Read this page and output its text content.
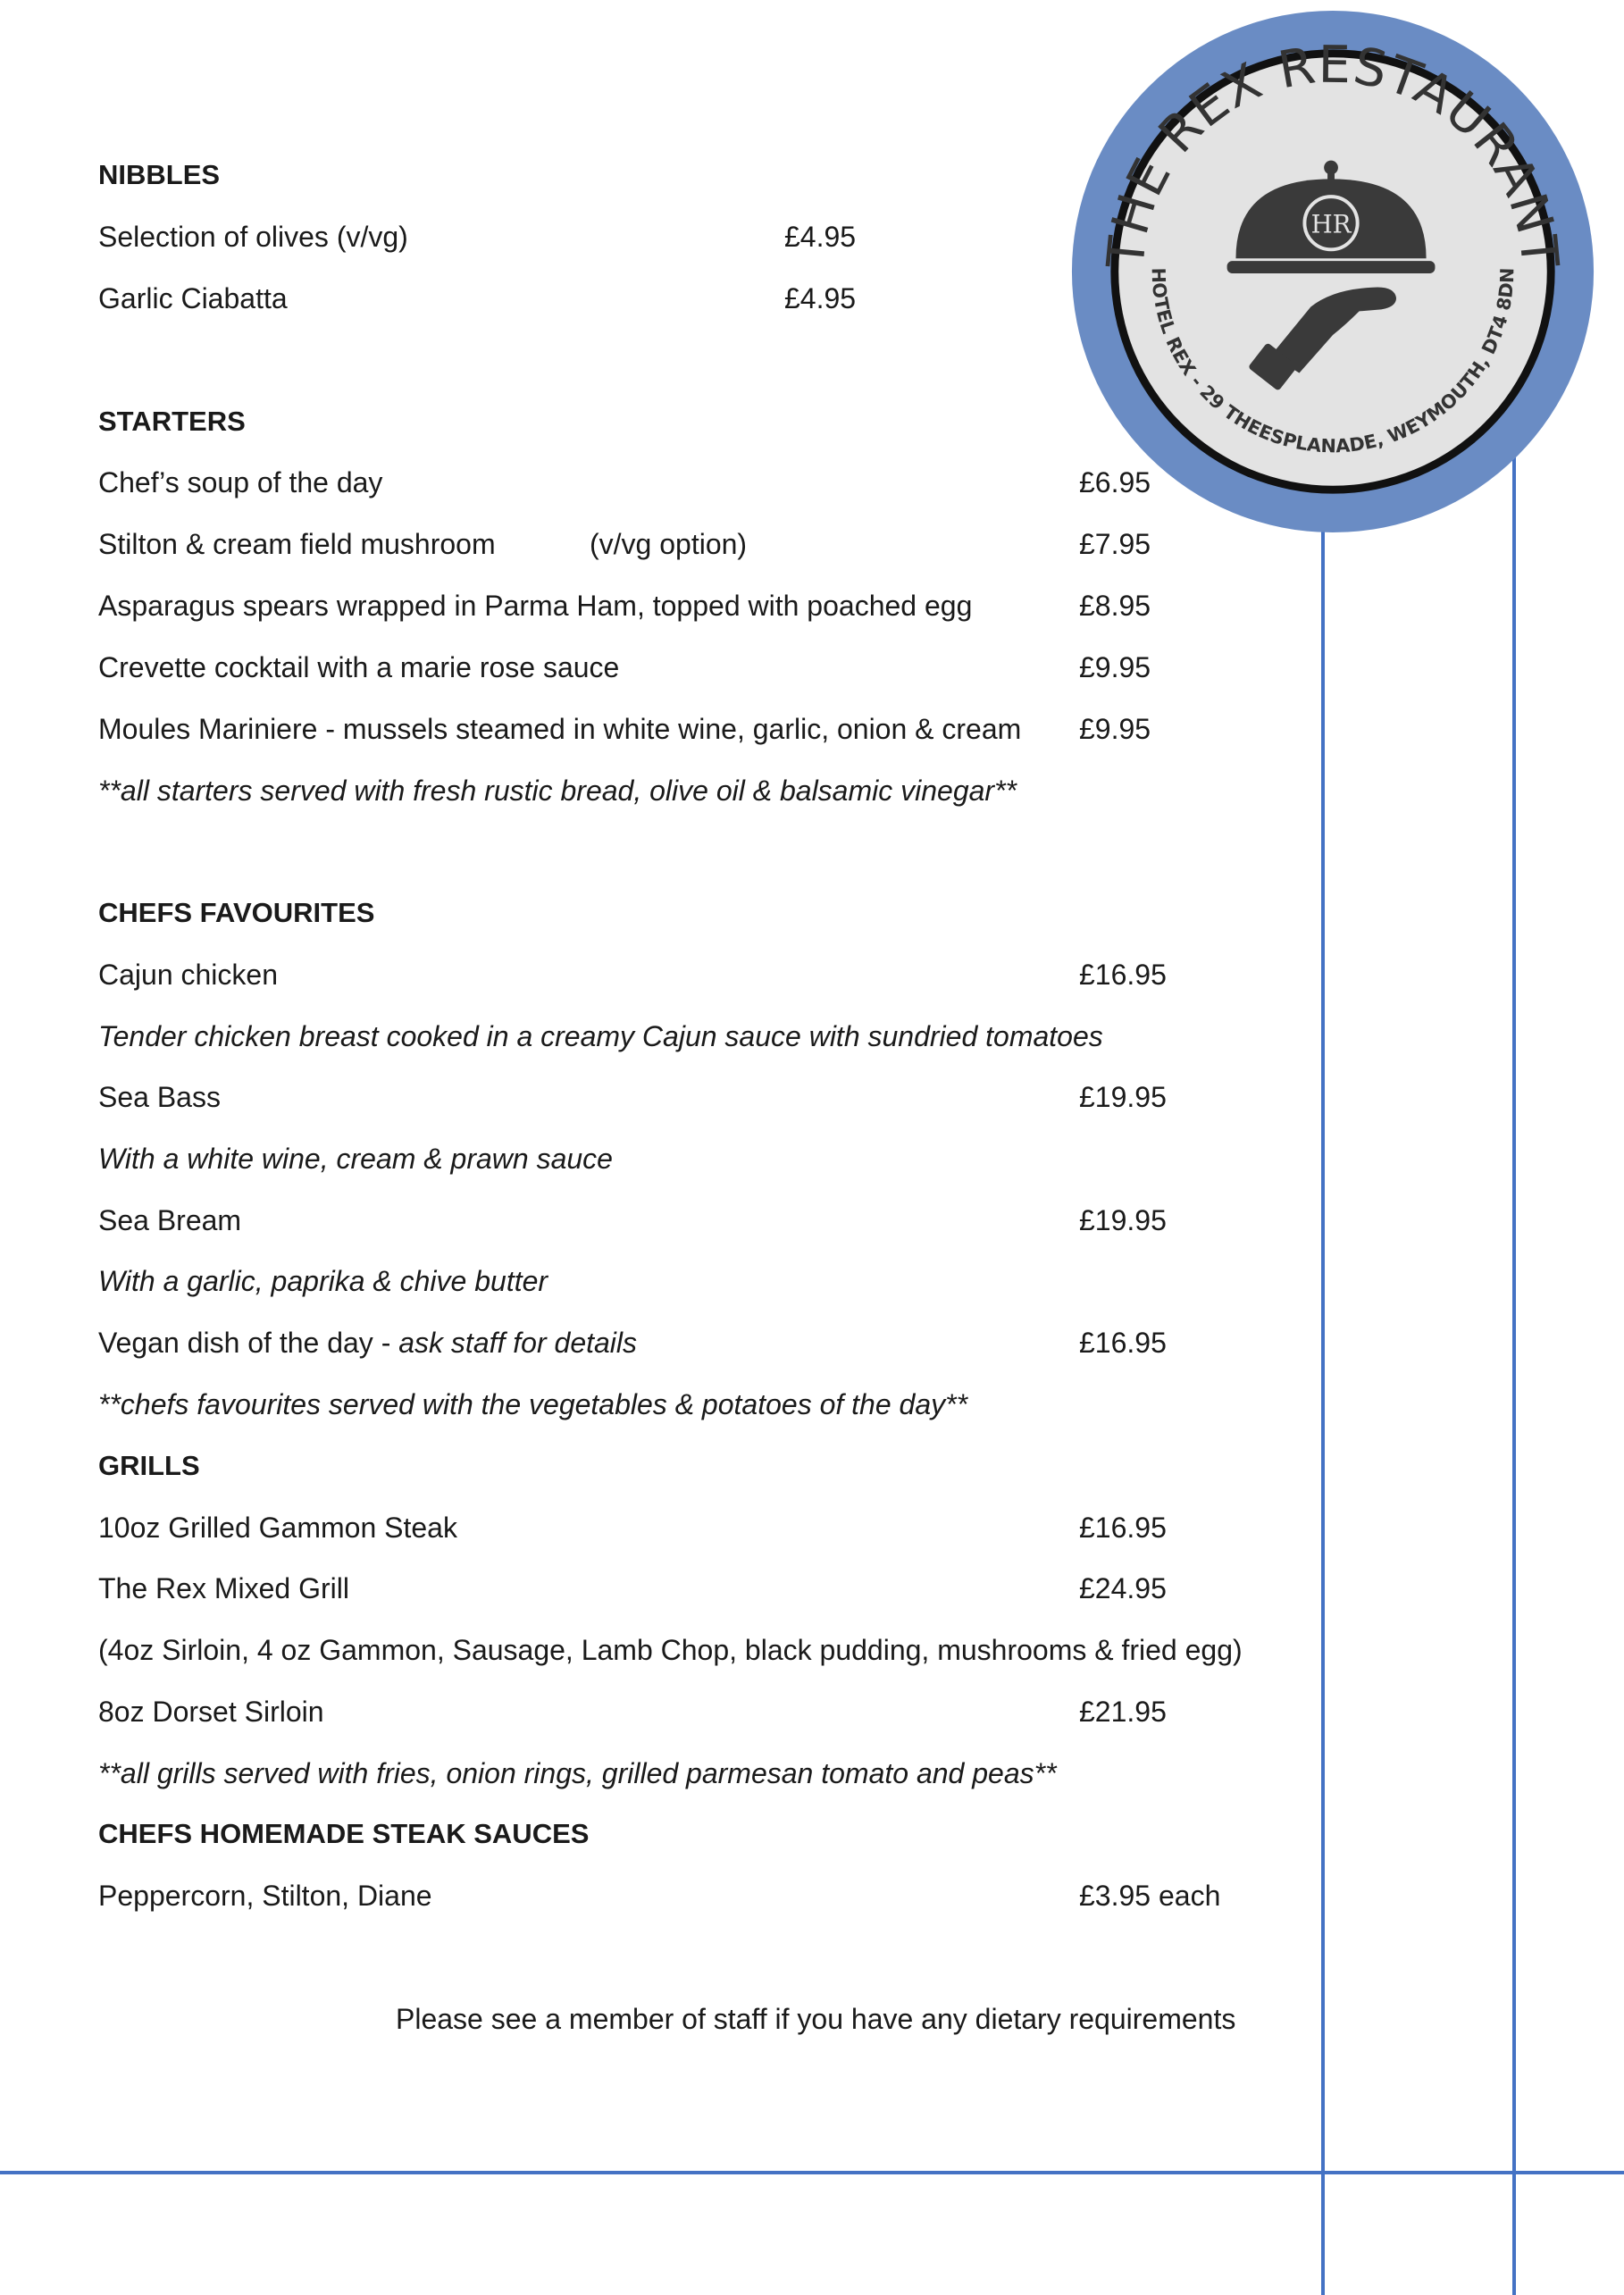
THE REX RESTAURANT
HOTEL REX - 29 THEESPLANADE, WEYMOUTH, DT4 8DN
HR
NIBBLES
Selection of olives (v/vg)	£4.95
Garlic Ciabatta	£4.95
STARTERS
Chef’s soup of the day	£6.95
Stilton & cream field mushroom	(v/vg option)	£7.95
Asparagus spears wrapped in Parma Ham, topped with poached egg	£8.95
Crevette cocktail with a marie rose sauce	£9.95
Moules Mariniere - mussels steamed in white wine, garlic, onion & cream £9.95
**all starters served with fresh rustic bread, olive oil & balsamic vinegar**
CHEFS FAVOURITES
Cajun chicken	£16.95
Tender chicken breast cooked in a creamy Cajun sauce with sundried tomatoes
Sea Bass	£19.95
With a white wine, cream & prawn sauce
Sea Bream	£19.95
With a garlic, paprika & chive butter
Vegan dish of the day - ask staff for details	£16.95
**chefs favourites served with the vegetables & potatoes of the day**
GRILLS
10oz Grilled Gammon Steak	£16.95
The Rex Mixed Grill	£24.95
(4oz Sirloin, 4 oz Gammon, Sausage, Lamb Chop, black pudding, mushrooms & fried egg)
8oz Dorset Sirloin	£21.95
**all grills served with fries, onion rings, grilled parmesan tomato and peas**
CHEFS HOMEMADE STEAK SAUCES
Peppercorn, Stilton, Diane	£3.95 each
Please see a member of staff if you have any dietary requirements
